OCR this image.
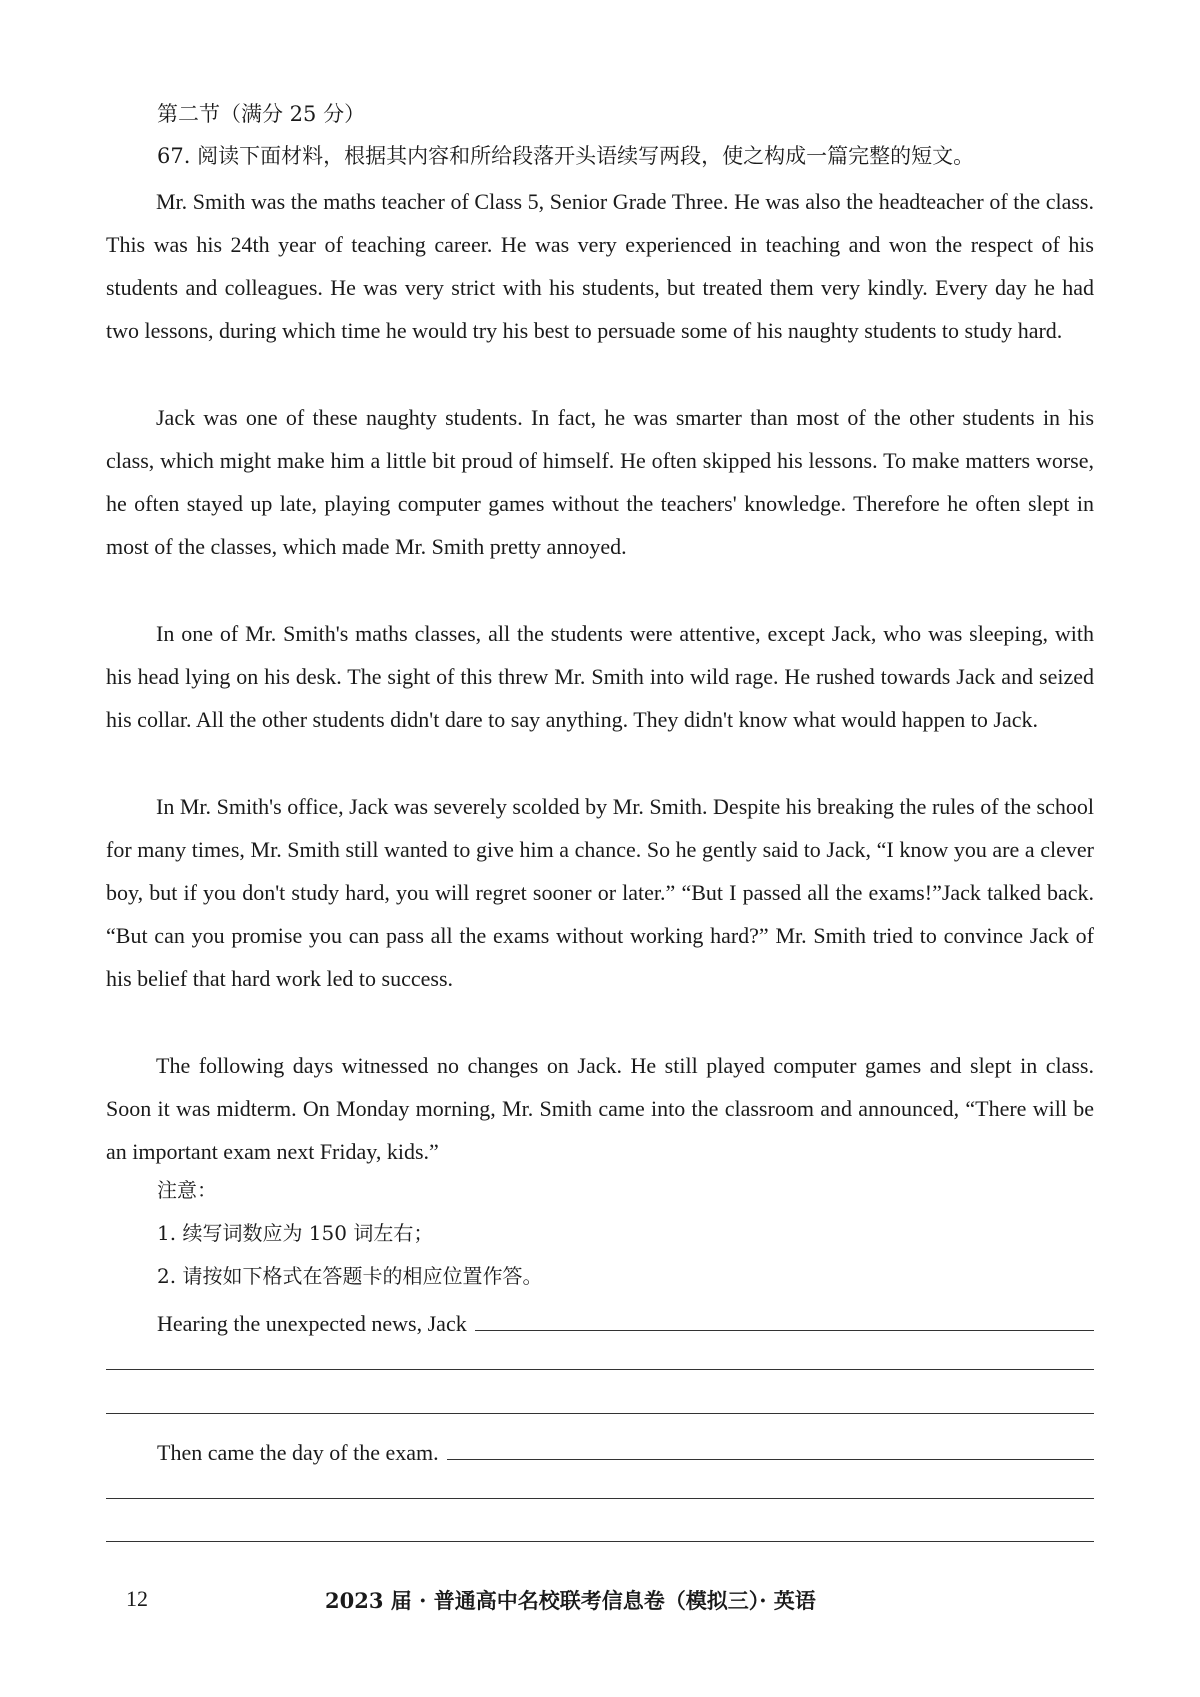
第二节（满分 25 分）
67. 阅读下面材料，根据其内容和所给段落开头语续写两段，使之构成一篇完整的短文。

Mr. Smith was the maths teacher of Class 5, Senior Grade Three. He was also the headteacher of the class. This was his 24th year of teaching career. He was very experienced in teaching and won the respect of his students and colleagues. He was very strict with his students, but treated them very kindly. Every day he had two lessons, during which time he would try his best to persuade some of his naughty students to study hard.

Jack was one of these naughty students. In fact, he was smarter than most of the other students in his class, which might make him a little bit proud of himself. He often skipped his lessons. To make matters worse, he often stayed up late, playing computer games without the teachers' knowledge. Therefore he often slept in most of the classes, which made Mr. Smith pretty annoyed.

In one of Mr. Smith's maths classes, all the students were attentive, except Jack, who was sleeping, with his head lying on his desk. The sight of this threw Mr. Smith into wild rage. He rushed towards Jack and seized his collar. All the other students didn't dare to say anything. They didn't know what would happen to Jack.

In Mr. Smith's office, Jack was severely scolded by Mr. Smith. Despite his breaking the rules of the school for many times, Mr. Smith still wanted to give him a chance. So he gently said to Jack, “I know you are a clever boy, but if you don't study hard, you will regret sooner or later.” “But I passed all the exams!”Jack talked back. “But can you promise you can pass all the exams without working hard?” Mr. Smith tried to convince Jack of his belief that hard work led to success.

The following days witnessed no changes on Jack. He still played computer games and slept in class. Soon it was midterm. On Monday morning, Mr. Smith came into the classroom and announced, “There will be an important exam next Friday, kids.”

注意：
1. 续写词数应为 150 词左右；
2. 请按如下格式在答题卡的相应位置作答。
Hearing the unexpected news, Jack
Then came the day of the exam.
12	2023 届 · 普通高中名校联考信息卷（模拟三）· 英语
